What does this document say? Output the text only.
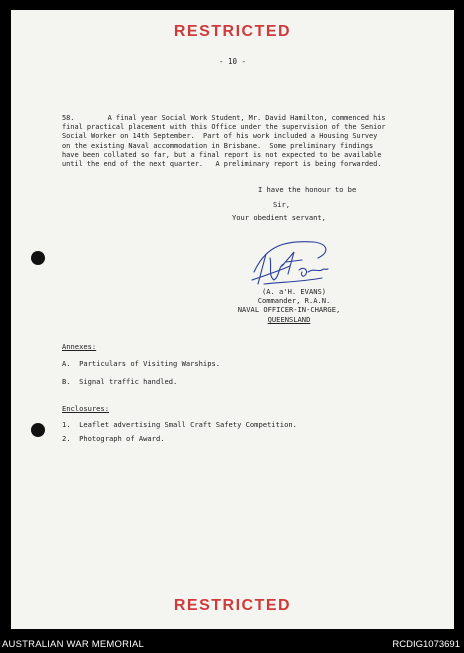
RESTRICTED
- 10 -
58.        A final year Social Work Student, Mr. David Hamilton, commenced his
final practical placement with this Office under the supervision of the Senior
Social Worker on 14th September.  Part of his work included a Housing Survey
on the existing Naval accommodation in Brisbane.  Some preliminary findings
have been collated so far, but a final report is not expected to be available
until the end of the next quarter.   A preliminary report is being forwarded.
I have the honour to be
Sir,
Your obedient servant,
(A. a'H. EVANS)
Commander, R.A.N.
NAVAL OFFICER-IN-CHARGE,
QUEENSLAND
Annexes:
A.  Particulars of Visiting Warships.
B.  Signal traffic handled.
Enclosures:
1.  Leaflet advertising Small Craft Safety Competition.
2.  Photograph of Award.
RESTRICTED
AUSTRALIAN WAR MEMORIAL	RCDIG1073691
